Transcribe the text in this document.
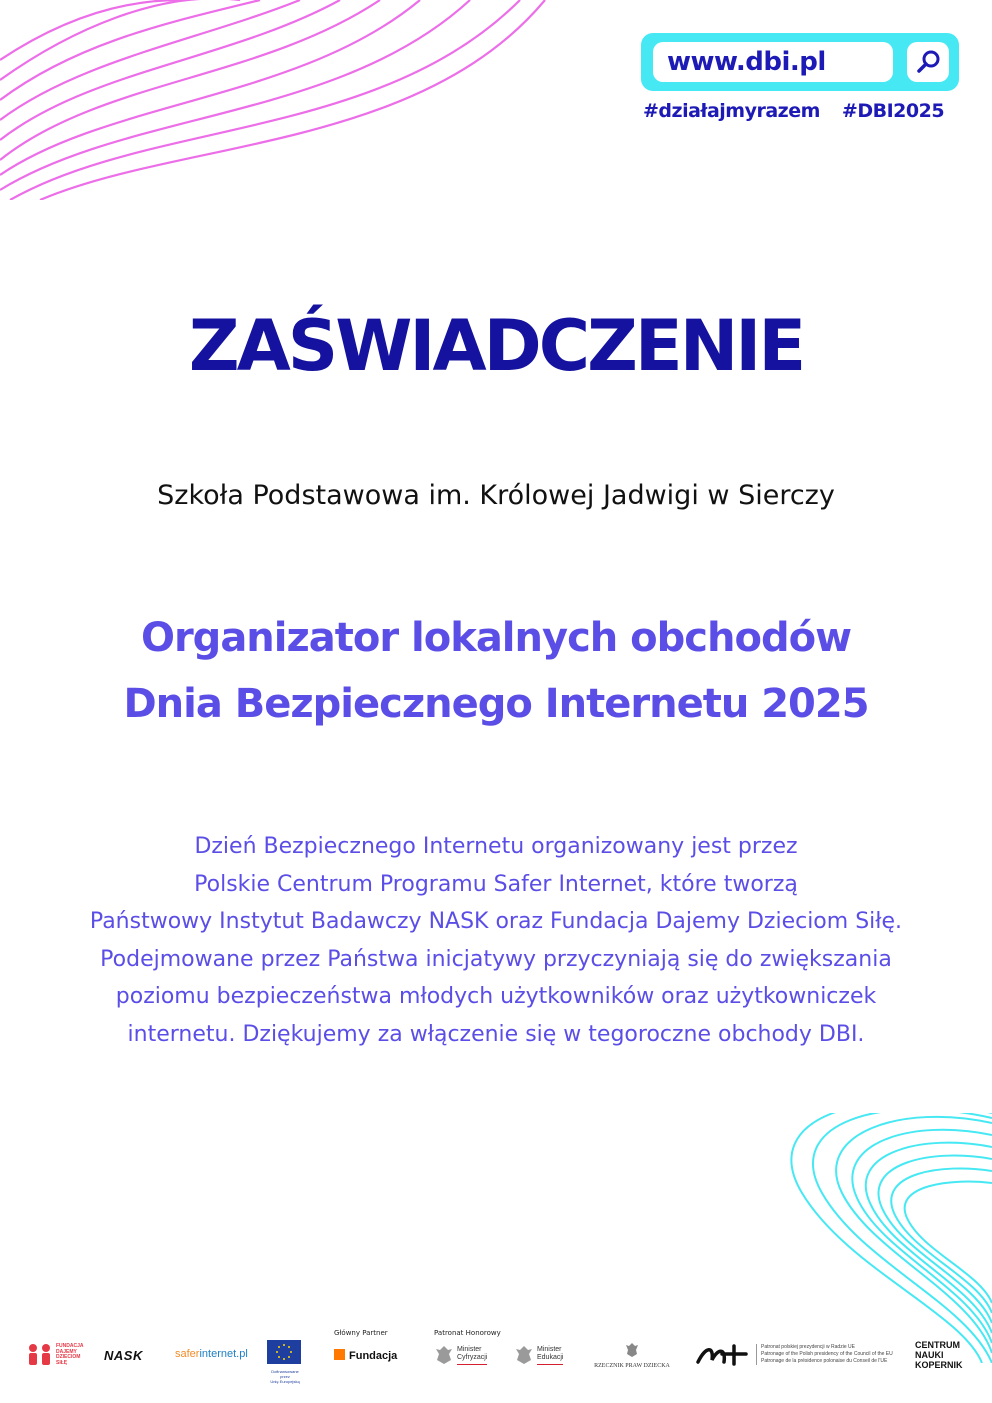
www.dbi.pl
#działajmyrazem #DBI2025
ZAŚWIADCZENIE
Szkoła Podstawowa im. Królowej Jadwigi w Sierczy
Organizator lokalnych obchodów
Dnia Bezpiecznego Internetu 2025
Dzień Bezpiecznego Internetu organizowany jest przez
Polskie Centrum Programu Safer Internet, które tworzą
Państwowy Instytut Badawczy NASK oraz Fundacja Dajemy Dzieciom Siłę.
Podejmowane przez Państwa inicjatywy przyczyniają się do zwiększania
poziomu bezpieczeństwa młodych użytkowników oraz użytkowniczek
internetu. Dziękujemy za włączenie się w tegoroczne obchody DBI.
FUNDACJA
DAJEMY
DZIECIOM
SIŁĘ	NASK	saferinternet.pl
Dofinansowane przez
Unię Europejską
Główny Partner
Fundacja
Patronat Honorowy
Minister
Cyfryzacji
Minister
Edukacji
RZECZNIK PRAW DZIECKA
Patronat polskiej prezydencji w Radzie UE
Patronage of the Polish presidency of the Council of the EU
Patronage de la présidence polonaise du Conseil de l'UE
CENTRUM
NAUKI
KOPERNIK
